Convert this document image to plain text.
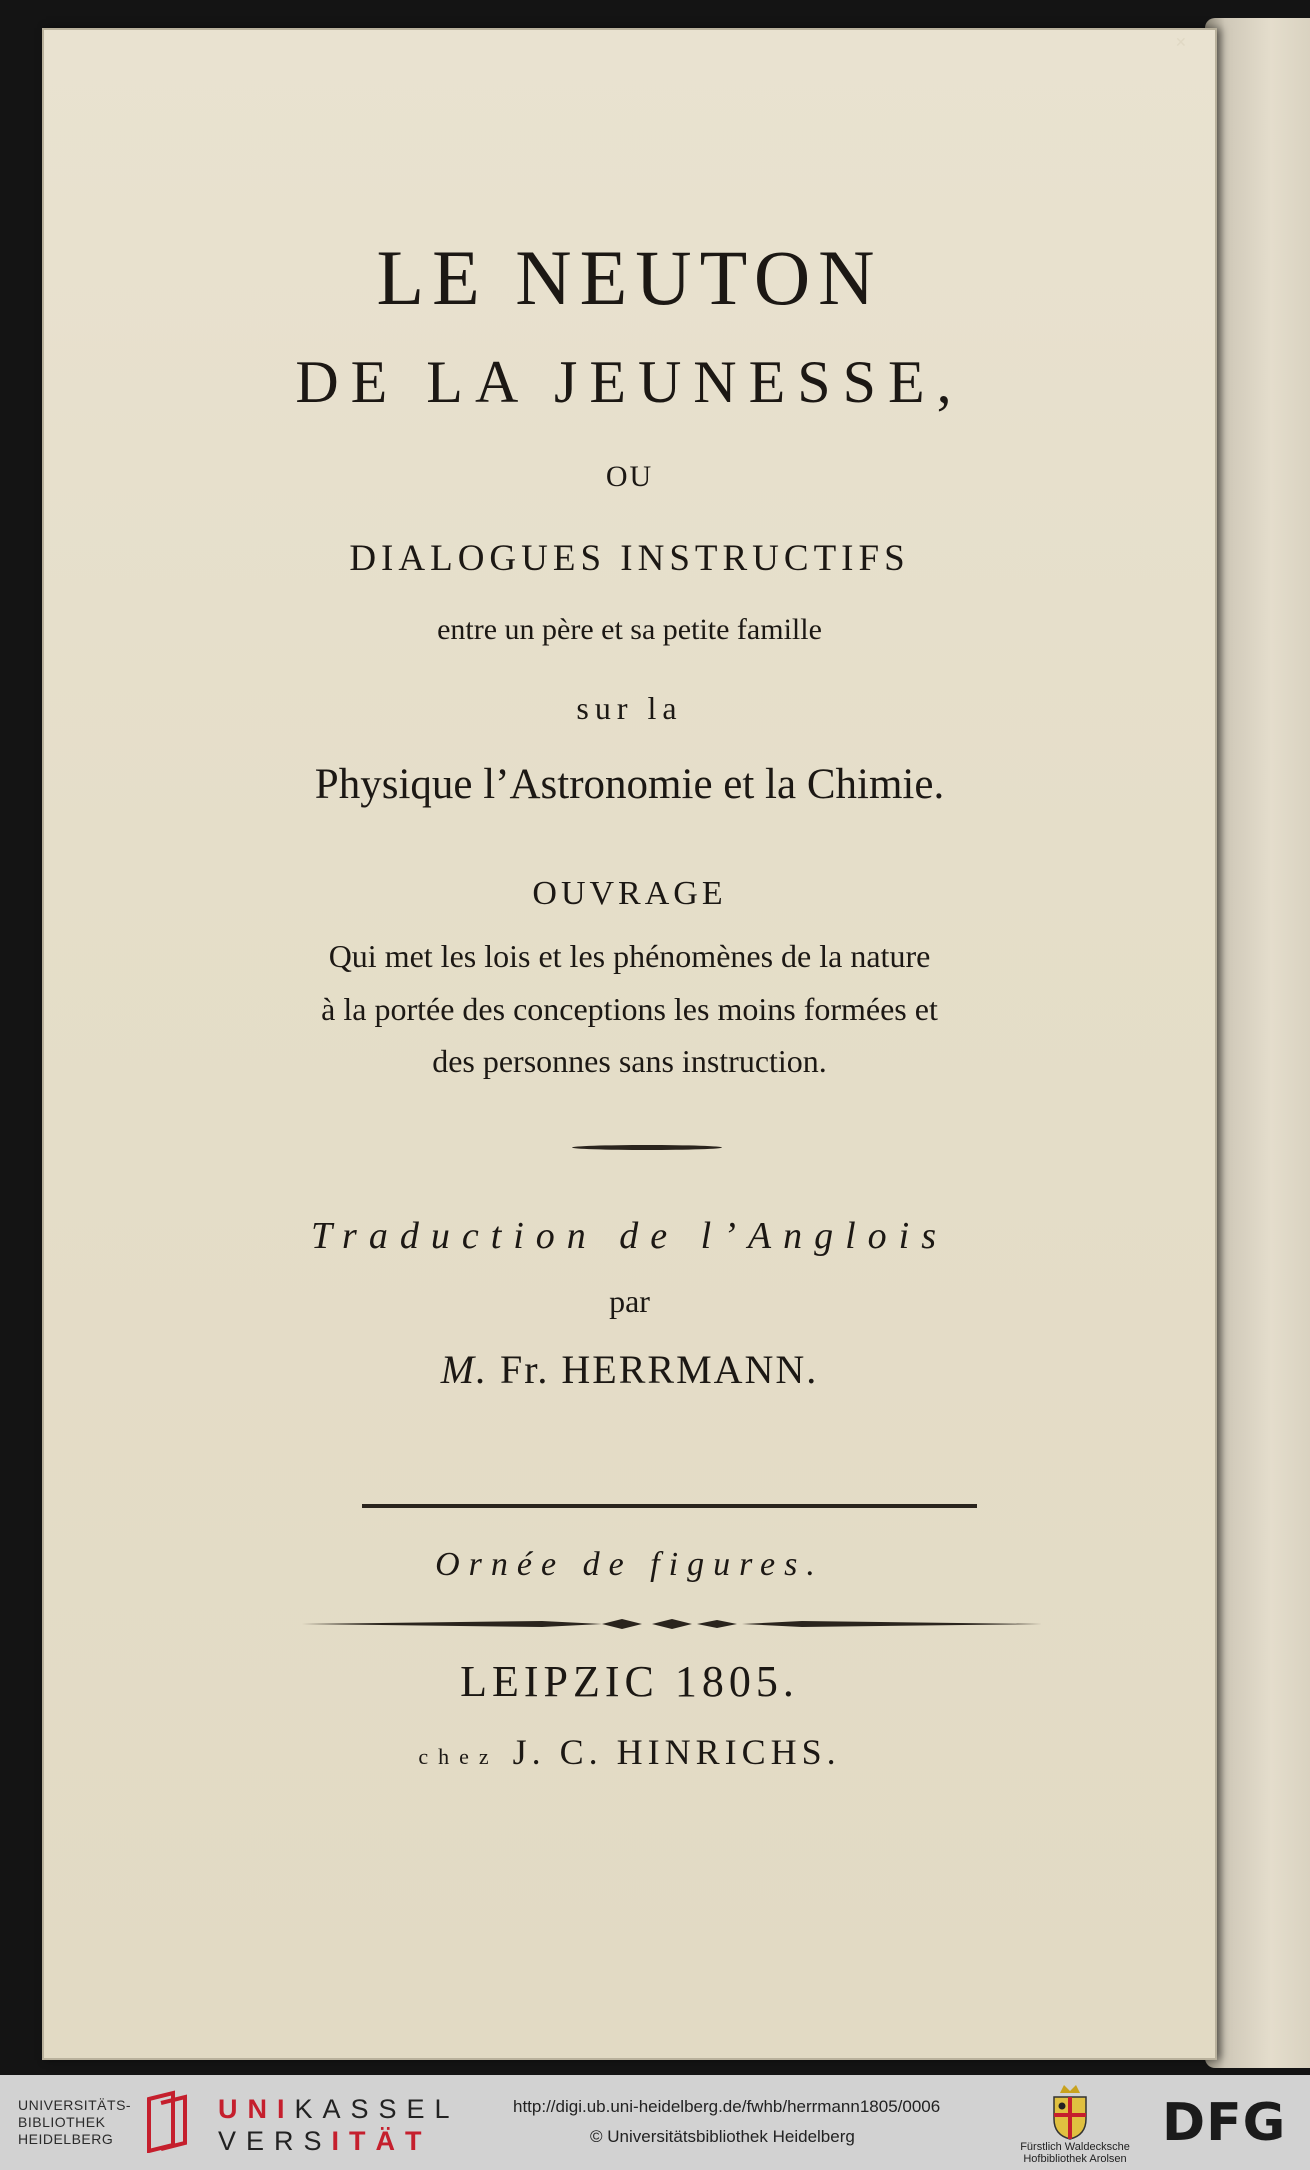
✕
LE NEUTON
DE LA JEUNESSE,
OU
DIALOGUES INSTRUCTIFS
entre un père et sa petite famille
sur la
Physique l’Astronomie et la Chimie.
OUVRAGE
Qui met les lois et les phénomènes de la nature
à la portée des conceptions les moins formées et
des personnes sans instruction.
Traduction de l’Anglois
par
M. Fr. HERRMANN.
Ornée de figures.
LEIPZIC 1805.
chez J. C. HINRICHS.
UNIVERSITÄTS-
BIBLIOTHEK
HEIDELBERG
UNIKASSEL
VERSITÄT
http://digi.ub.uni-heidelberg.de/fwhb/herrmann1805/0006
© Universitätsbibliothek Heidelberg
Fürstlich Waldecksche
Hofbibliothek Arolsen
DFG
